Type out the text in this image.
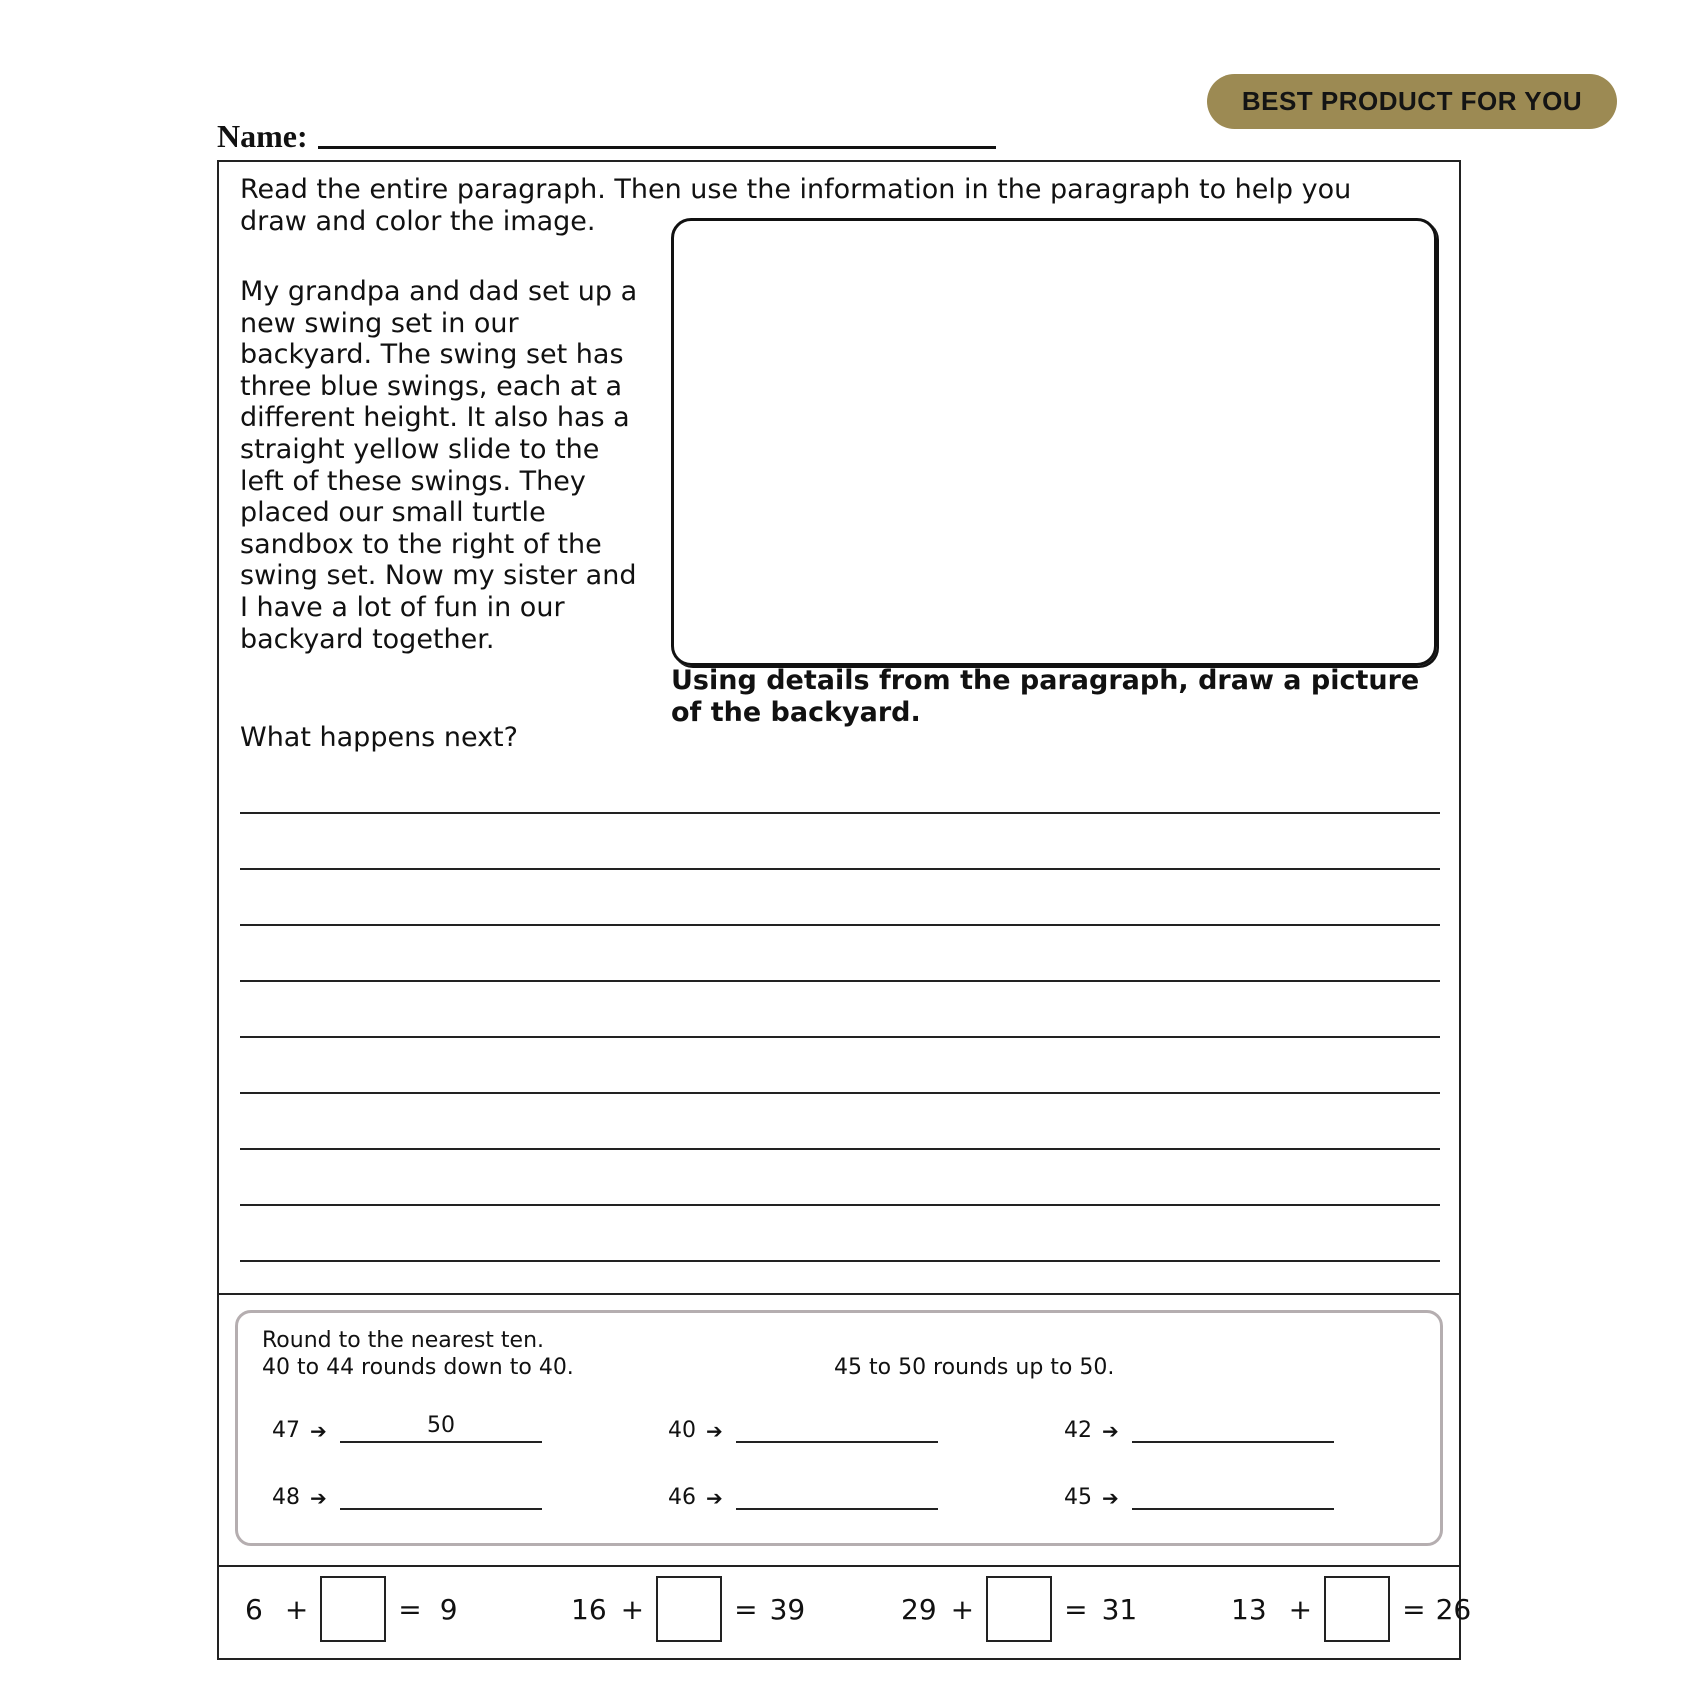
BEST PRODUCT FOR YOU
Name:
Read the entire paragraph. Then use the information in the paragraph to help you draw and color the image.
My grandpa and dad set up a new swing set in our backyard. The swing set has three blue swings, each at a different height. It also has a straight yellow slide to the left of these swings. They placed our small turtle sandbox to the right of the swing set. Now my sister and I have a lot of fun in our backyard together.
Using details from the paragraph, draw a picture of the backyard.
What happens next?
Round to the nearest ten.
40 to 44 rounds down to 40.	45 to 50 rounds up to 50.
47 ➔	50	40 ➔	42 ➔
48 ➔	46 ➔	45 ➔
6 +	= 9	16 +	= 39	29 +	= 31	13 +	= 26
